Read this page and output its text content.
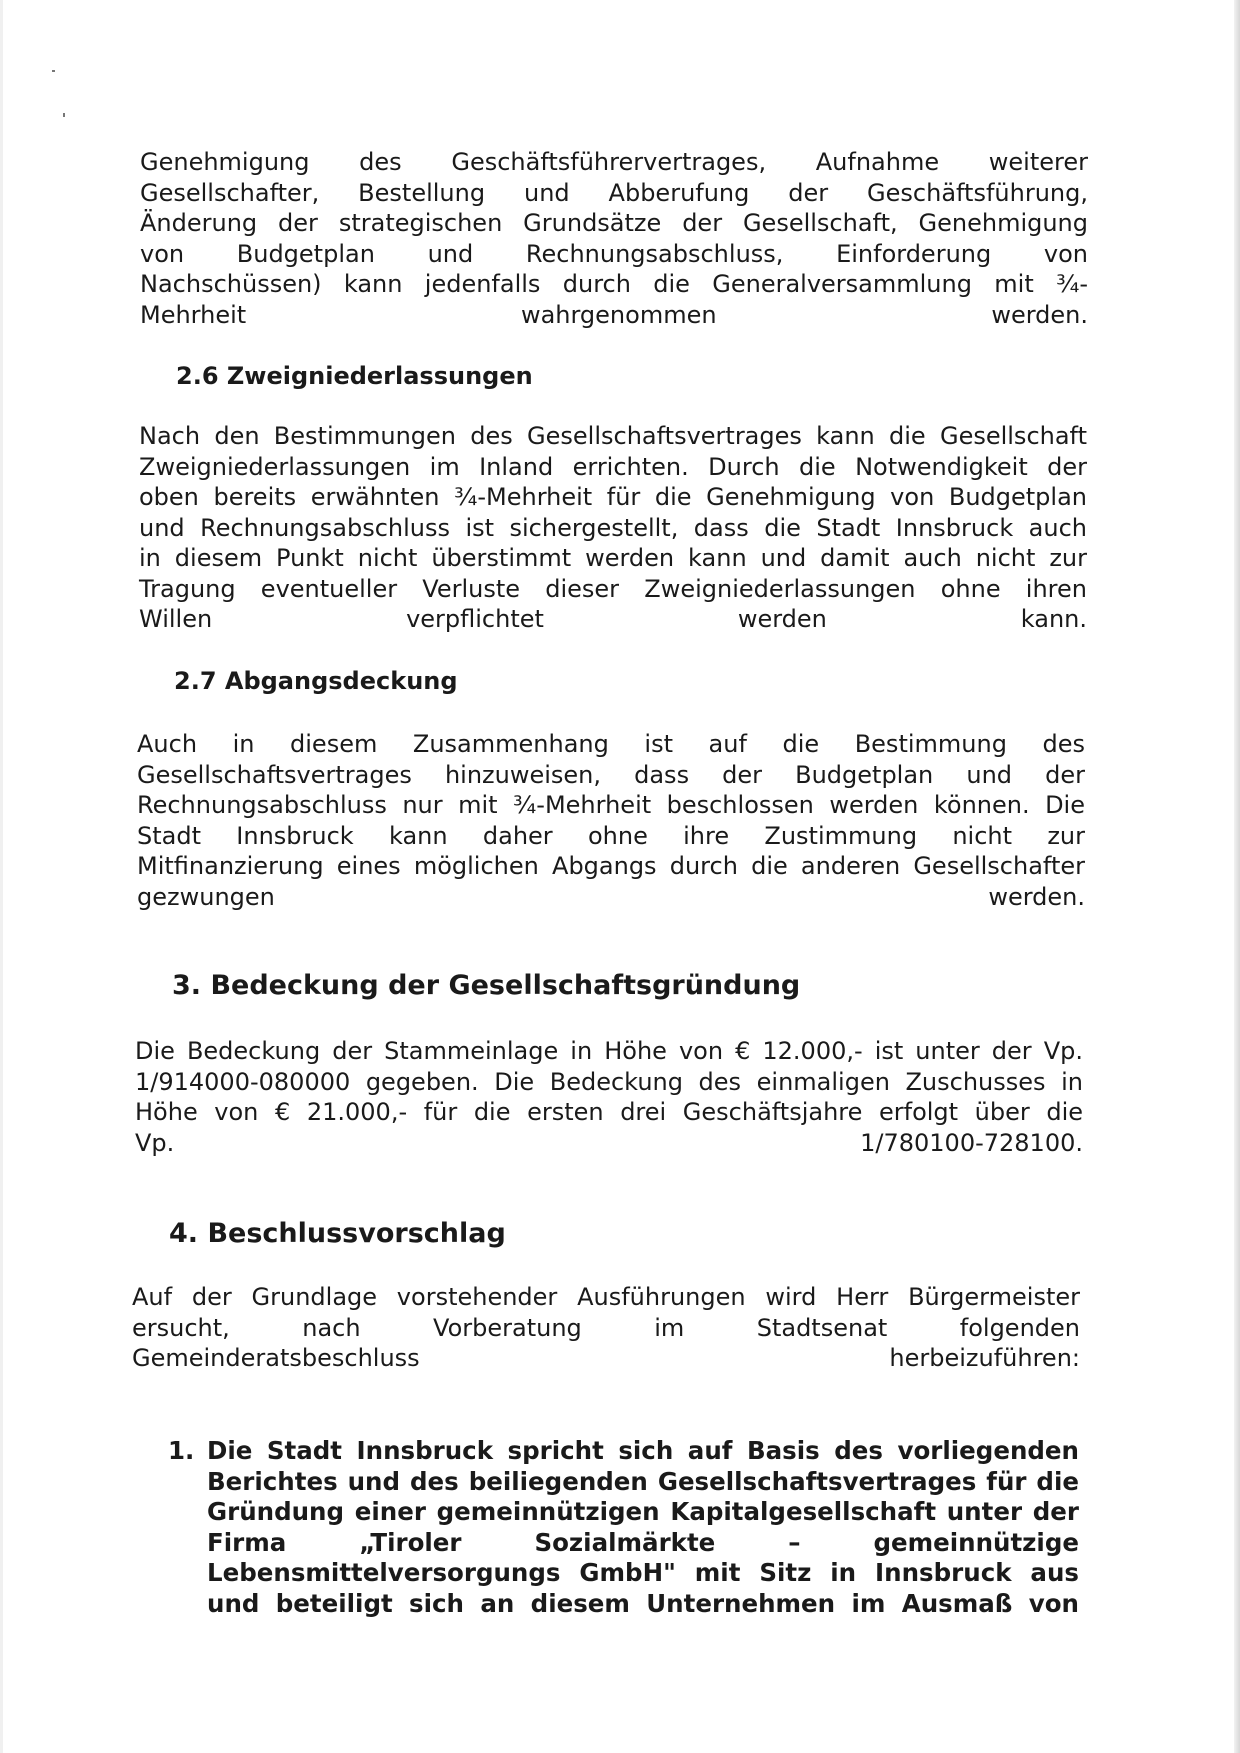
Genehmigung des Geschäftsführervertrages, Aufnahme weiterer
Gesellschafter, Bestellung und Abberufung der Geschäftsführung,
Änderung der strategischen Grundsätze der Gesellschaft, Genehmigung
von Budgetplan und Rechnungsabschluss, Einforderung von
Nachschüssen) kann jedenfalls durch die Generalversammlung mit ¾-
Mehrheit wahrgenommen werden.
2.6 Zweigniederlassungen
Nach den Bestimmungen des Gesellschaftsvertrages kann die Gesellschaft
Zweigniederlassungen im Inland errichten. Durch die Notwendigkeit der
oben bereits erwähnten ¾-Mehrheit für die Genehmigung von Budgetplan
und Rechnungsabschluss ist sichergestellt, dass die Stadt Innsbruck auch
in diesem Punkt nicht überstimmt werden kann und damit auch nicht zur
Tragung eventueller Verluste dieser Zweigniederlassungen ohne ihren
Willen verpflichtet werden kann.
2.7 Abgangsdeckung
Auch in diesem Zusammenhang ist auf die Bestimmung des
Gesellschaftsvertrages hinzuweisen, dass der Budgetplan und der
Rechnungsabschluss nur mit ¾-Mehrheit beschlossen werden können. Die
Stadt Innsbruck kann daher ohne ihre Zustimmung nicht zur
Mitfinanzierung eines möglichen Abgangs durch die anderen Gesellschafter
gezwungen werden.
3. Bedeckung der Gesellschaftsgründung
Die Bedeckung der Stammeinlage in Höhe von € 12.000,- ist unter der Vp.
1/914000-080000 gegeben. Die Bedeckung des einmaligen Zuschusses in
Höhe von € 21.000,- für die ersten drei Geschäftsjahre erfolgt über die
Vp. 1/780100-728100.
4. Beschlussvorschlag
Auf der Grundlage vorstehender Ausführungen wird Herr Bürgermeister
ersucht, nach Vorberatung im Stadtsenat folgenden
Gemeinderatsbeschluss herbeizuführen:
1. Die Stadt Innsbruck spricht sich auf Basis des vorliegenden
Berichtes und des beiliegenden Gesellschaftsvertrages für die
Gründung einer gemeinnützigen Kapitalgesellschaft unter der
Firma „Tiroler Sozialmärkte – gemeinnützige
Lebensmittelversorgungs GmbH" mit Sitz in Innsbruck aus
und beteiligt sich an diesem Unternehmen im Ausmaß von
